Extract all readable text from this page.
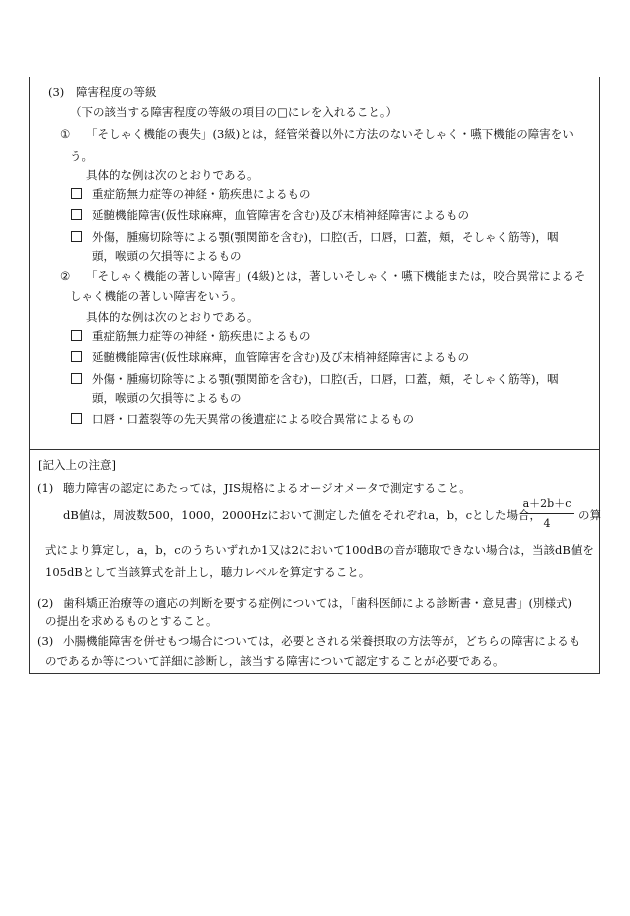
(3) 障害程度の等級
（下の該当する障害程度の等級の項目の□にレを入れること。）
① 「そしゃく機能の喪失」(3級)とは，経管栄養以外に方法のないそしゃく・嚥下機能の障害をい
う。
具体的な例は次のとおりである。
重症筋無力症等の神経・筋疾患によるもの
延髄機能障害(仮性球麻痺，血管障害を含む)及び末梢神経障害によるもの
外傷，腫瘍切除等による顎(顎関節を含む)，口腔(舌，口唇，口蓋，頬，そしゃく筋等)，咽
頭，喉頭の欠損等によるもの
② 「そしゃく機能の著しい障害」(4級)とは，著しいそしゃく・嚥下機能または，咬合異常によるそ
しゃく機能の著しい障害をいう。
具体的な例は次のとおりである。
重症筋無力症等の神経・筋疾患によるもの
延髄機能障害(仮性球麻痺，血管障害を含む)及び末梢神経障害によるもの
外傷・腫瘍切除等による顎(顎関節を含む)，口腔(舌，口唇，口蓋，頬，そしゃく筋等)，咽
頭，喉頭の欠損等によるもの
口唇・口蓋裂等の先天異常の後遺症による咬合異常によるもの
[記入上の注意]
(1) 聴力障害の認定にあたっては，JIS規格によるオージオメータで測定すること。
dB値は，周波数500，1000，2000Hzにおいて測定した値をそれぞれa，b，cとした場合，
a＋2b＋c
4
の算
式により算定し，a，b，cのうちいずれか1又は2において100dBの音が聴取できない場合は，当該dB値を
105dBとして当該算式を計上し，聴力レベルを算定すること。
(2) 歯科矯正治療等の適応の判断を要する症例については，「歯科医師による診断書・意見書」(別様式)
の提出を求めるものとすること。
(3) 小腸機能障害を併せもつ場合については，必要とされる栄養摂取の方法等が，どちらの障害によるも
のであるか等について詳細に診断し，該当する障害について認定することが必要である。
